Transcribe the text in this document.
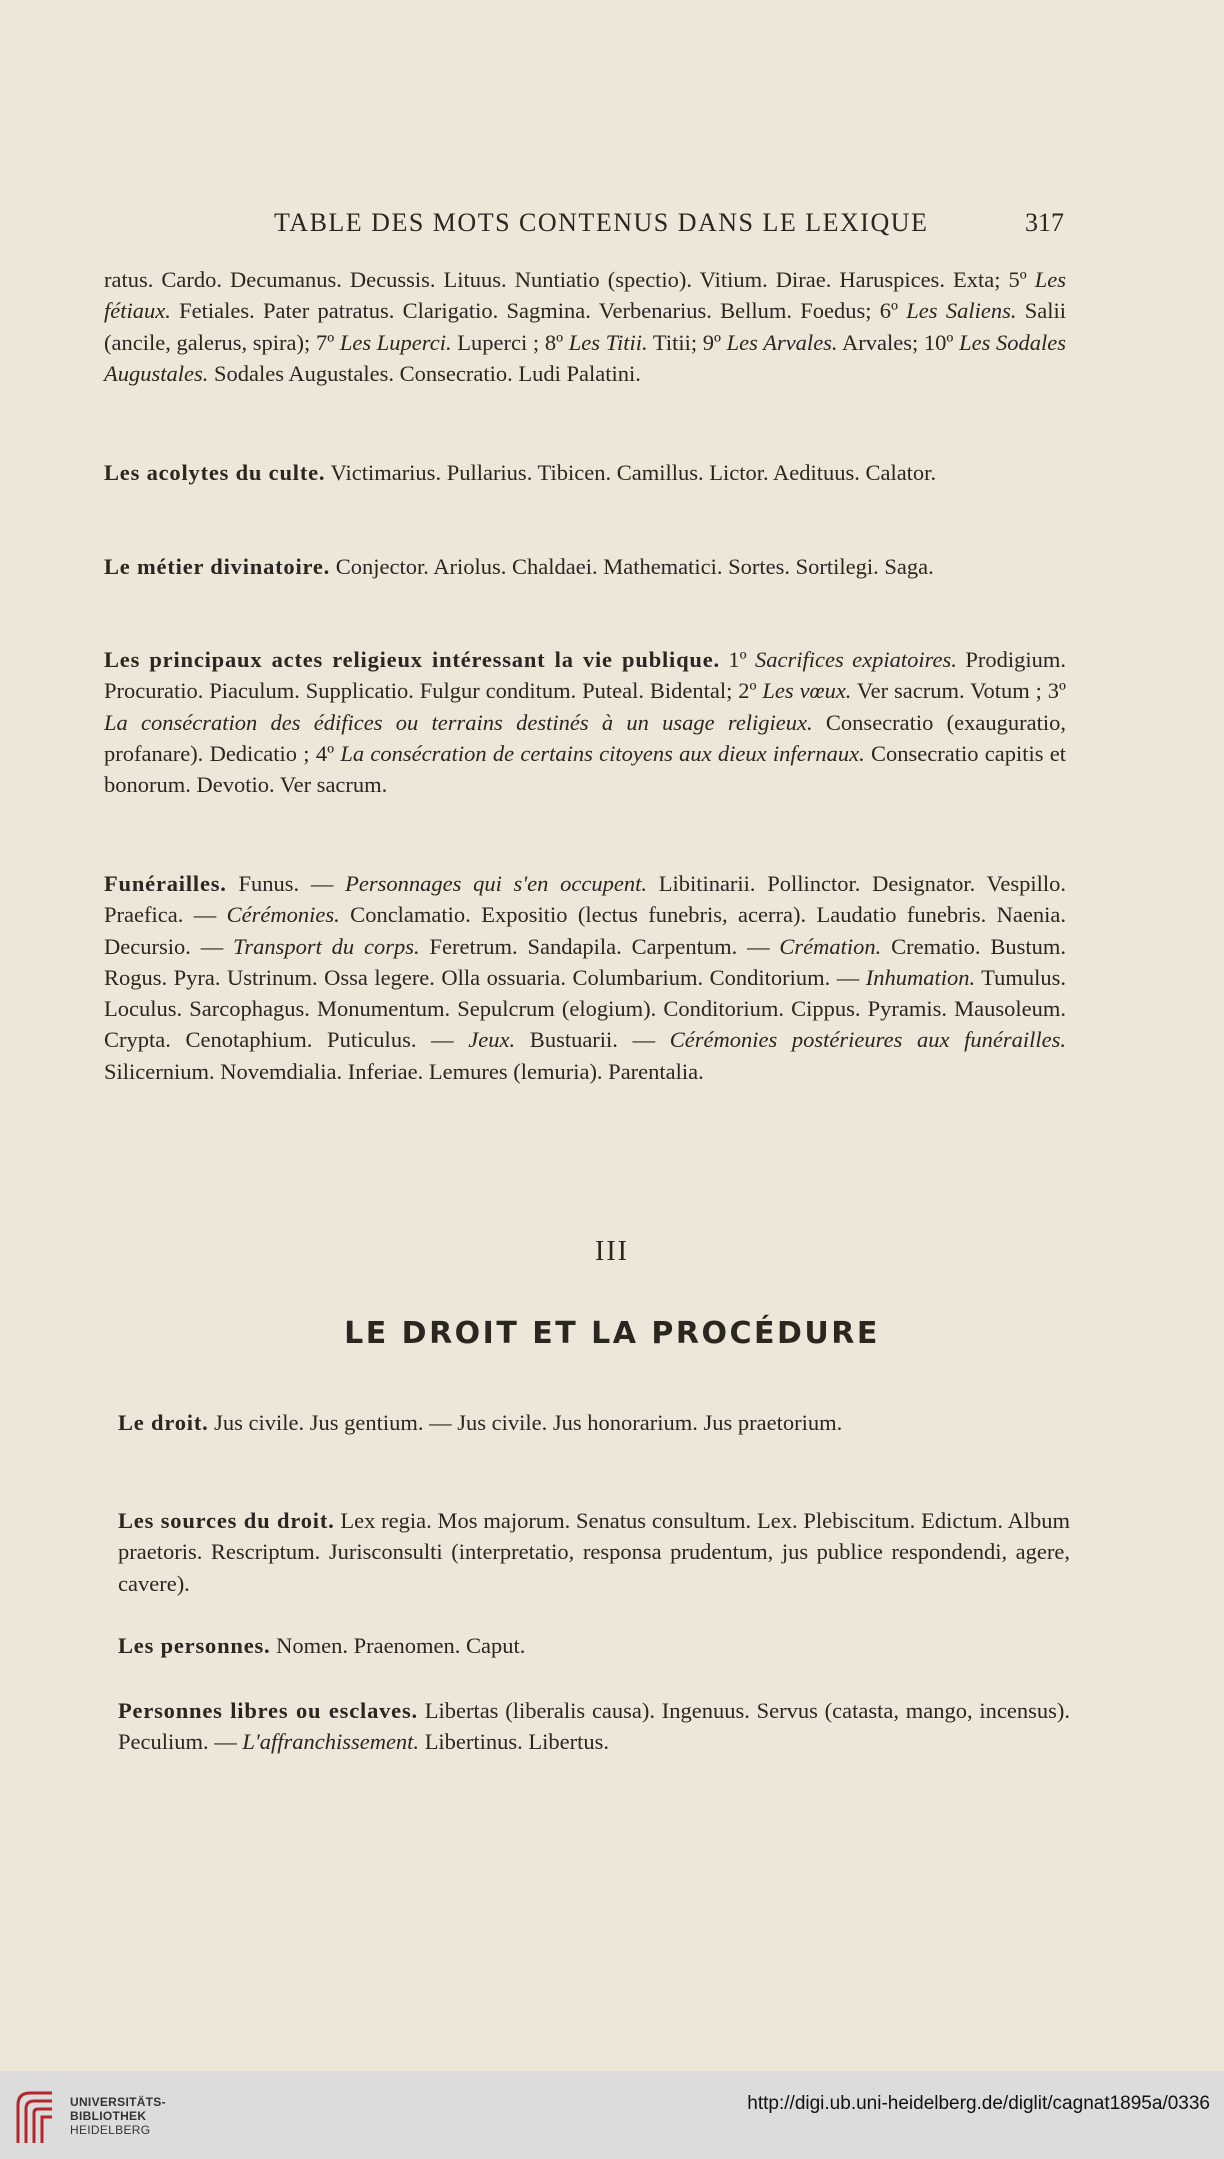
TABLE DES MOTS CONTENUS DANS LE LEXIQUE	317

ratus. Cardo. Decumanus. Decussis. Lituus. Nuntiatio (spectio). Vitium. Dirae. Haruspices. Exta; 5º Les fétiaux. Fetiales. Pater patratus. Clarigatio. Sagmina. Verbenarius. Bellum. Foedus; 6º Les Saliens. Salii (ancile, galerus, spira); 7º Les Luperci. Luperci ; 8º Les Titii. Titii; 9º Les Arvales. Arvales; 10º Les Sodales Augustales. Sodales Augustales. Consecratio. Ludi Palatini.

Les acolytes du culte. Victimarius. Pullarius. Tibicen. Camillus. Lictor. Aedituus. Calator.

Le métier divinatoire. Conjector. Ariolus. Chaldaei. Mathematici. Sortes. Sortilegi. Saga.

Les principaux actes religieux intéressant la vie publique. 1º Sacrifices expiatoires. Prodigium. Procuratio. Piaculum. Supplicatio. Fulgur conditum. Puteal. Bidental; 2º Les vœux. Ver sacrum. Votum ; 3º La consécration des édifices ou terrains destinés à un usage religieux. Consecratio (exauguratio, profanare). Dedicatio ; 4º La consécration de certains citoyens aux dieux infernaux. Consecratio capitis et bonorum. Devotio. Ver sacrum.

Funérailles. Funus. — Personnages qui s'en occupent. Libitinarii. Pollinctor. Designator. Vespillo. Praefica. — Cérémonies. Conclamatio. Expositio (lectus funebris, acerra). Laudatio funebris. Naenia. Decursio. — Transport du corps. Feretrum. Sandapila. Carpentum. — Crémation. Crematio. Bustum. Rogus. Pyra. Ustrinum. Ossa legere. Olla ossuaria. Columbarium. Conditorium. — Inhumation. Tumulus. Loculus. Sarcophagus. Monumentum. Sepulcrum (elogium). Conditorium. Cippus. Pyramis. Mausoleum. Crypta. Cenotaphium. Puticulus. — Jeux. Bustuarii. — Cérémonies postérieures aux funérailles. Silicernium. Novemdialia. Inferiae. Lemures (lemuria). Parentalia.

III
LE DROIT ET LA PROCÉDURE

Le droit. Jus civile. Jus gentium. — Jus civile. Jus honorarium. Jus praetorium.

Les sources du droit. Lex regia. Mos majorum. Senatus consultum. Lex. Plebiscitum. Edictum. Album praetoris. Rescriptum. Jurisconsulti (interpretatio, responsa prudentum, jus publice respondendi, agere, cavere).

Les personnes. Nomen. Praenomen. Caput.

Personnes libres ou esclaves. Libertas (liberalis causa). Ingenuus. Servus (catasta, mango, incensus). Peculium. — L'affranchissement. Libertinus. Libertus.

UNIVERSITÄTS-
BIBLIOTHEK
HEIDELBERG
http://digi.ub.uni-heidelberg.de/diglit/cagnat1895a/0336
